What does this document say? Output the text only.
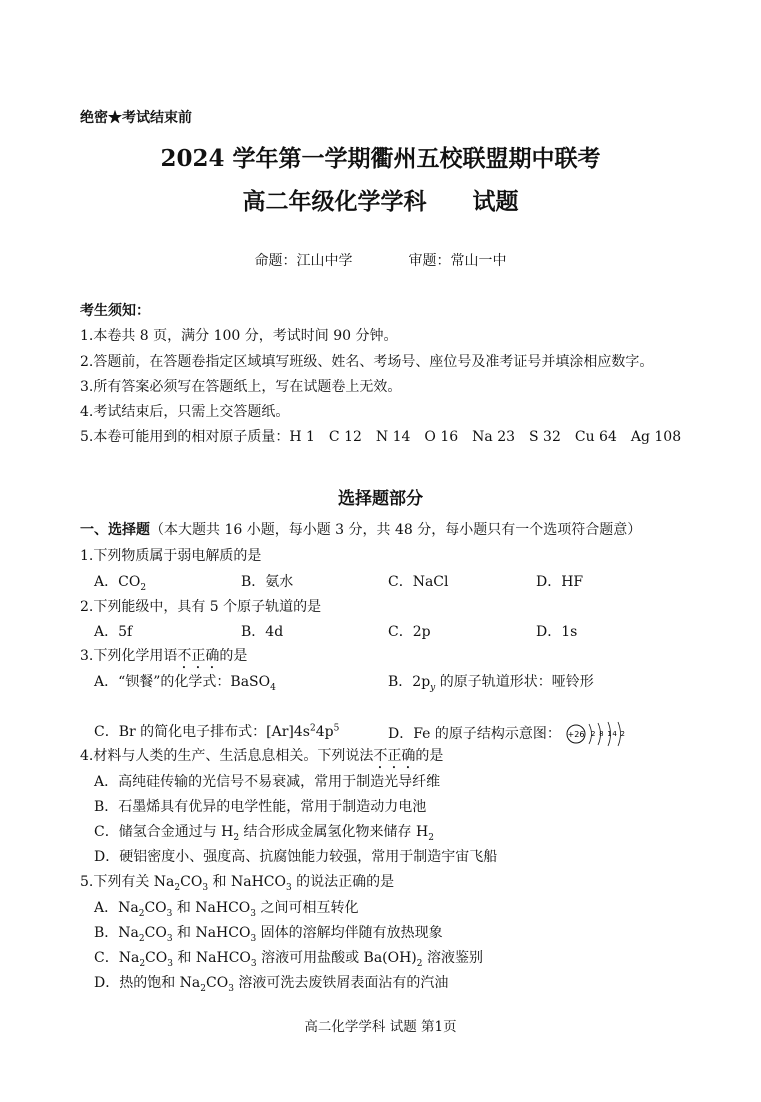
绝密★考试结束前
2024 学年第一学期衢州五校联盟期中联考
高二年级化学学科　　试题
命题：江山中学　　　　审题：常山一中
考生须知：
1.本卷共 8 页，满分 100 分，考试时间 90 分钟。
2.答题前，在答题卷指定区域填写班级、姓名、考场号、座位号及准考证号并填涂相应数字。
3.所有答案必须写在答题纸上，写在试题卷上无效。
4.考试结束后，只需上交答题纸。
5.本卷可能用到的相对原子质量：H 1　C 12　N 14　O 16　Na 23　S 32　Cu 64　Ag 108
选择题部分
一、选择题（本大题共 16 小题，每小题 3 分，共 48 分，每小题只有一个选项符合题意）
1.下列物质属于弱电解质的是
A．$CO_2$	B．氨水	C．NaCl	D．HF
2.下列能级中，具有 5 个原子轨道的是
A．5f	B．4d	C．2p	D．1s
3.下列化学用语不正确的是
A．“钡餐”的化学式：BaSO$_4$	B．$2p_y$ 的原子轨道形状：哑铃形
C．Br 的简化电子排布式：$[Ar]4s^24p^5$	D．Fe 的原子结构示意图： +26 2 8 14 2
4.材料与人类的生产、生活息息相关。下列说法不正确的是
A．高纯硅传输的光信号不易衰减，常用于制造光导纤维
B．石墨烯具有优异的电学性能，常用于制造动力电池
C．储氢合金通过与 $H_2$ 结合形成金属氢化物来储存 $H_2$
D．硬铝密度小、强度高、抗腐蚀能力较强，常用于制造宇宙飞船
5.下列有关 $Na_2CO_3$ 和 NaHCO$_3$ 的说法正确的是
A．$Na_2CO_3$ 和 NaHCO$_3$ 之间可相互转化
B．$Na_2CO_3$ 和 NaHCO$_3$ 固体的溶解均伴随有放热现象
C．$Na_2CO_3$ 和 NaHCO$_3$ 溶液可用盐酸或 $Ba(OH)_2$ 溶液鉴别
D．热的饱和 $Na_2CO_3$ 溶液可洗去废铁屑表面沾有的汽油
高二化学学科 试题 第1页
